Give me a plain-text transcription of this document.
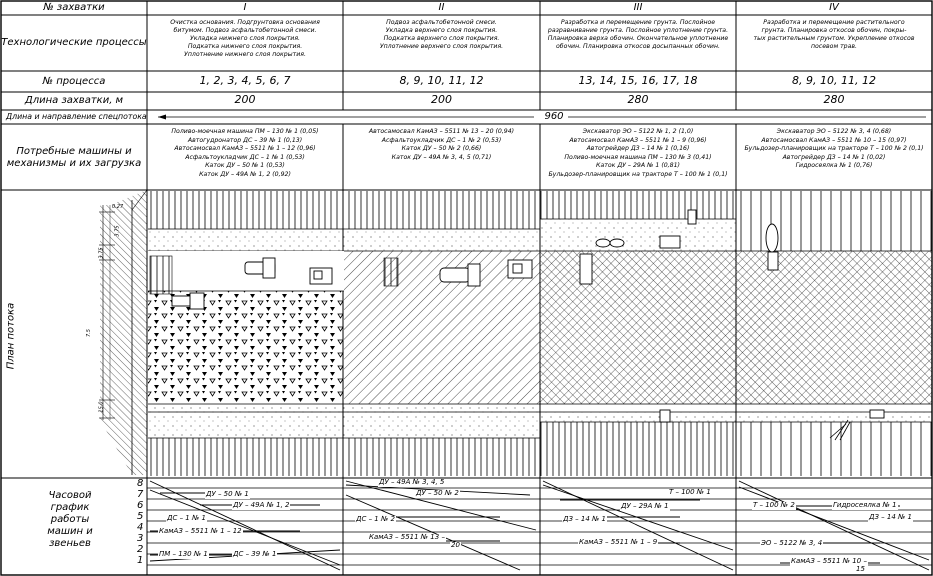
№ захватки
Технологические процессы
№ процесса
Длина захватки, м
Длина и направление спецпотока
Потребные машины и механизмы и их загрузка
План потока
Часовой график работы машин и звеньев
960
8
7
6
5
4
3
2
1
0.27
3.75
7.5
15.0
3.75
I
Очистка основания. Подгрунтовка основания
битумом. Подвоз асфальтобетонной смеси.
Укладка нижнего слоя покрытия.
Подкатка нижнего слоя покрытия.
Уплотнение нижнего слоя покрытия.
1, 2, 3, 4, 5, 6, 7
200
Поливо-моечная машина ПМ – 130 № 1 (0,05)
Автогудронатор ДС – 39 № 1 (0,13)
Автосамосвал КамАЗ – 5511 № 1 – 12 (0,96)
Асфальтоукладчик ДС – 1 № 1 (0,53)
Каток ДУ – 50 № 1 (0,53)
Каток ДУ – 49А № 1, 2 (0,92)
II
Подвоз асфальтобетонной смеси.
Укладка верхнего слоя покрытия.
Подкатка верхнего слоя покрытия.
Уплотнение верхнего слоя покрытия.
8, 9, 10, 11, 12
200
Автосамосвал КамАЗ – 5511 № 13 – 20 (0,94)
Асфальтоукладчик ДС – 1 № 2 (0,53)
Каток ДУ – 50 № 2 (0,66)
Каток ДУ – 49А № 3, 4, 5 (0,71)
III
Разработка и перемещение грунта. Послойное
разравнивание грунта. Послойное уплотнение грунта.
Планировка верха обочин. Окончательное уплотнение
обочин. Планировка откосов досыпанных обочин.
13, 14, 15, 16, 17, 18
280
Экскаватор ЭО – 5122 № 1, 2 (1,0)
Автосамосвал КамАЗ – 5511 № 1 – 9 (0,96)
Автогрейдер ДЗ – 14 № 1 (0,16)
Поливо-моечная машина ПМ – 130 № 3 (0,41)
Каток ДУ – 29А № 1 (0,81)
Бульдозер-планировщик на тракторе Т – 100 № 1 (0,1)
IV
Разработка и перемещение растительного
грунта. Планировка откосов обочин, покры-
тых растительным грунтом. Укрепление откосов
посевом трав.
8, 9, 10, 11, 12
280
Экскаватор ЭО – 5122 № 3, 4 (0,68)
Автосамосвал КамАЗ – 5511 № 10 – 15 (0,97)
Бульдозер-планировщик на тракторе Т – 100 № 2 (0,1)
Автогрейдер ДЗ – 14 № 1 (0,02)
Гидросеялка № 1 (0,76)
ДУ – 50 № 1
ДУ – 49А № 1, 2
ДС – 1 № 1
КамАЗ – 5511 № 1 – 12
ПМ – 130 № 1	ДС – 39 № 1
ДУ – 49А № 3, 4, 5
ДУ – 50 № 2
ДС – 1 № 2
КамАЗ – 5511 № 13 –
20
Т – 100 № 1
ДУ – 29А № 1
ДЗ – 14 № 1
КамАЗ – 5511 № 1 – 9
Т – 100 № 2	Гидросеялка № 1
ДЗ – 14 № 1
ЭО – 5122 № 3, 4
КамАЗ – 5511 № 10 –
15
